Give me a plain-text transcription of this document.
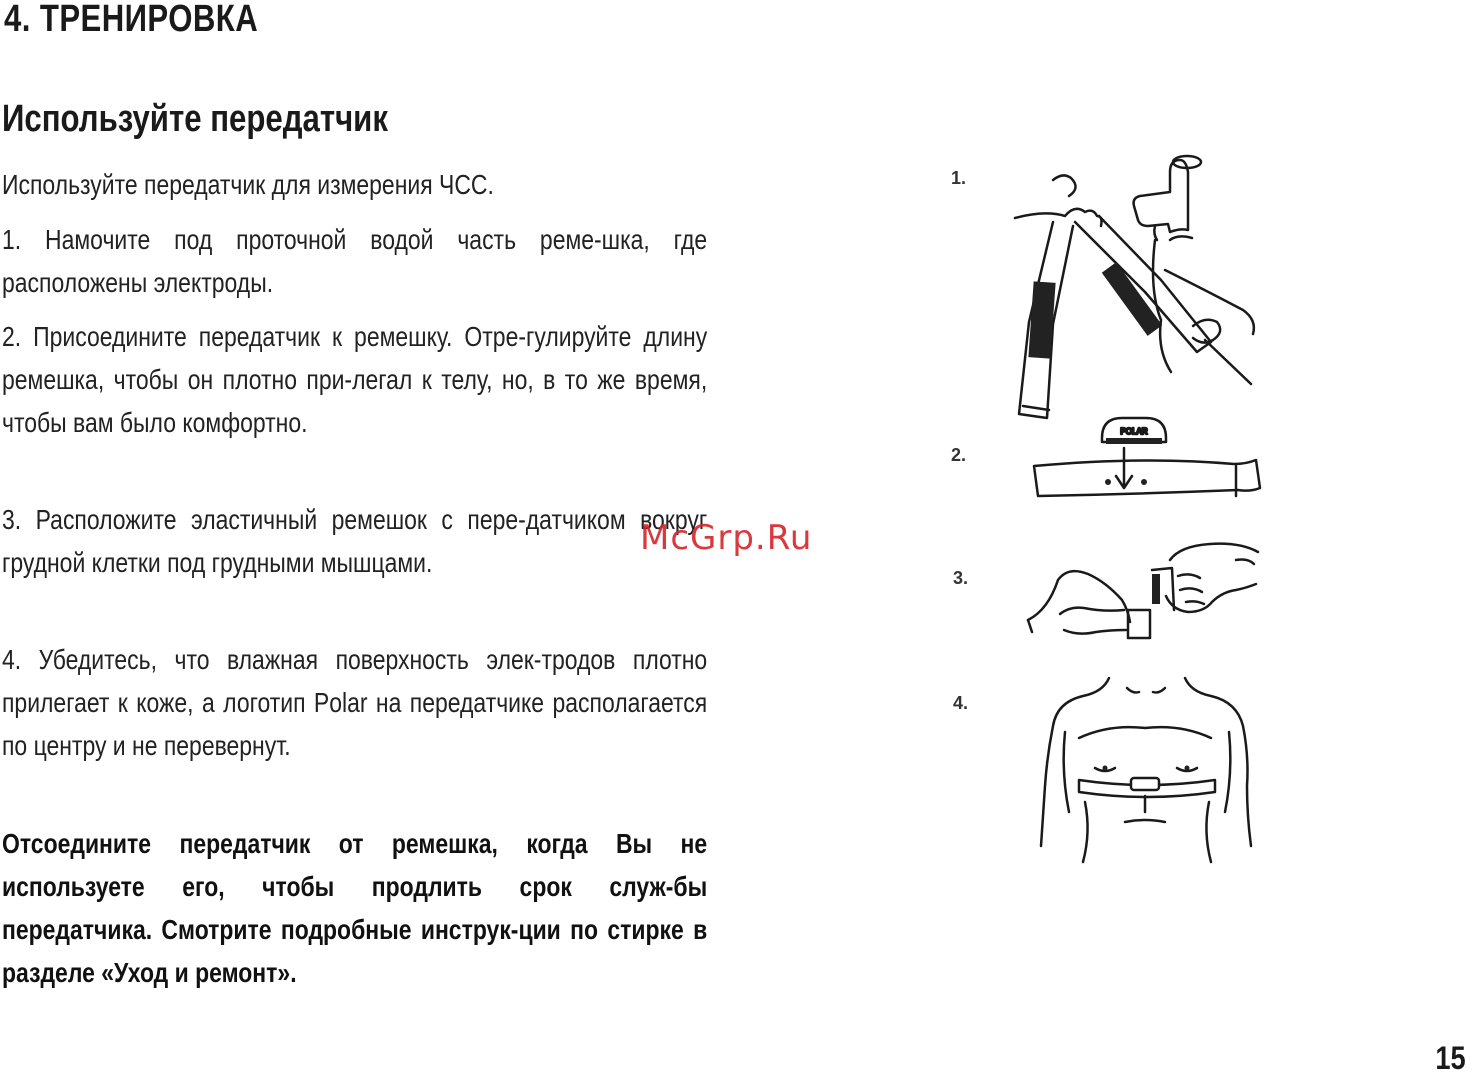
4. ТРЕНИРОВКА
Используйте передатчик

Используйте передатчик для измерения ЧСС.

1. Намочите под проточной водой часть реме-шка, где расположены электроды.

2. Присоедините передатчик к ремешку. Отре-гулируйте длину ремешка, чтобы он плотно при-легал к телу, но, в то же время, чтобы вам было комфортно.

3. Расположите эластичный ремешок с пере-датчиком вокруг грудной клетки под грудными мышцами.

4. Убедитесь, что влажная поверхность элек-тродов плотно прилегает к коже, а логотип Polar на передатчике располагается по центру и не перевернут.

Отсоедините передатчик от ремешка, когда Вы не используете его, чтобы продлить срок служ-бы передатчика. Смотрите подробные инструк-ции по стирке в разделе «Уход и ремонт».

McGrp.Ru
1.
2.
3.
4.
POLAR
15
